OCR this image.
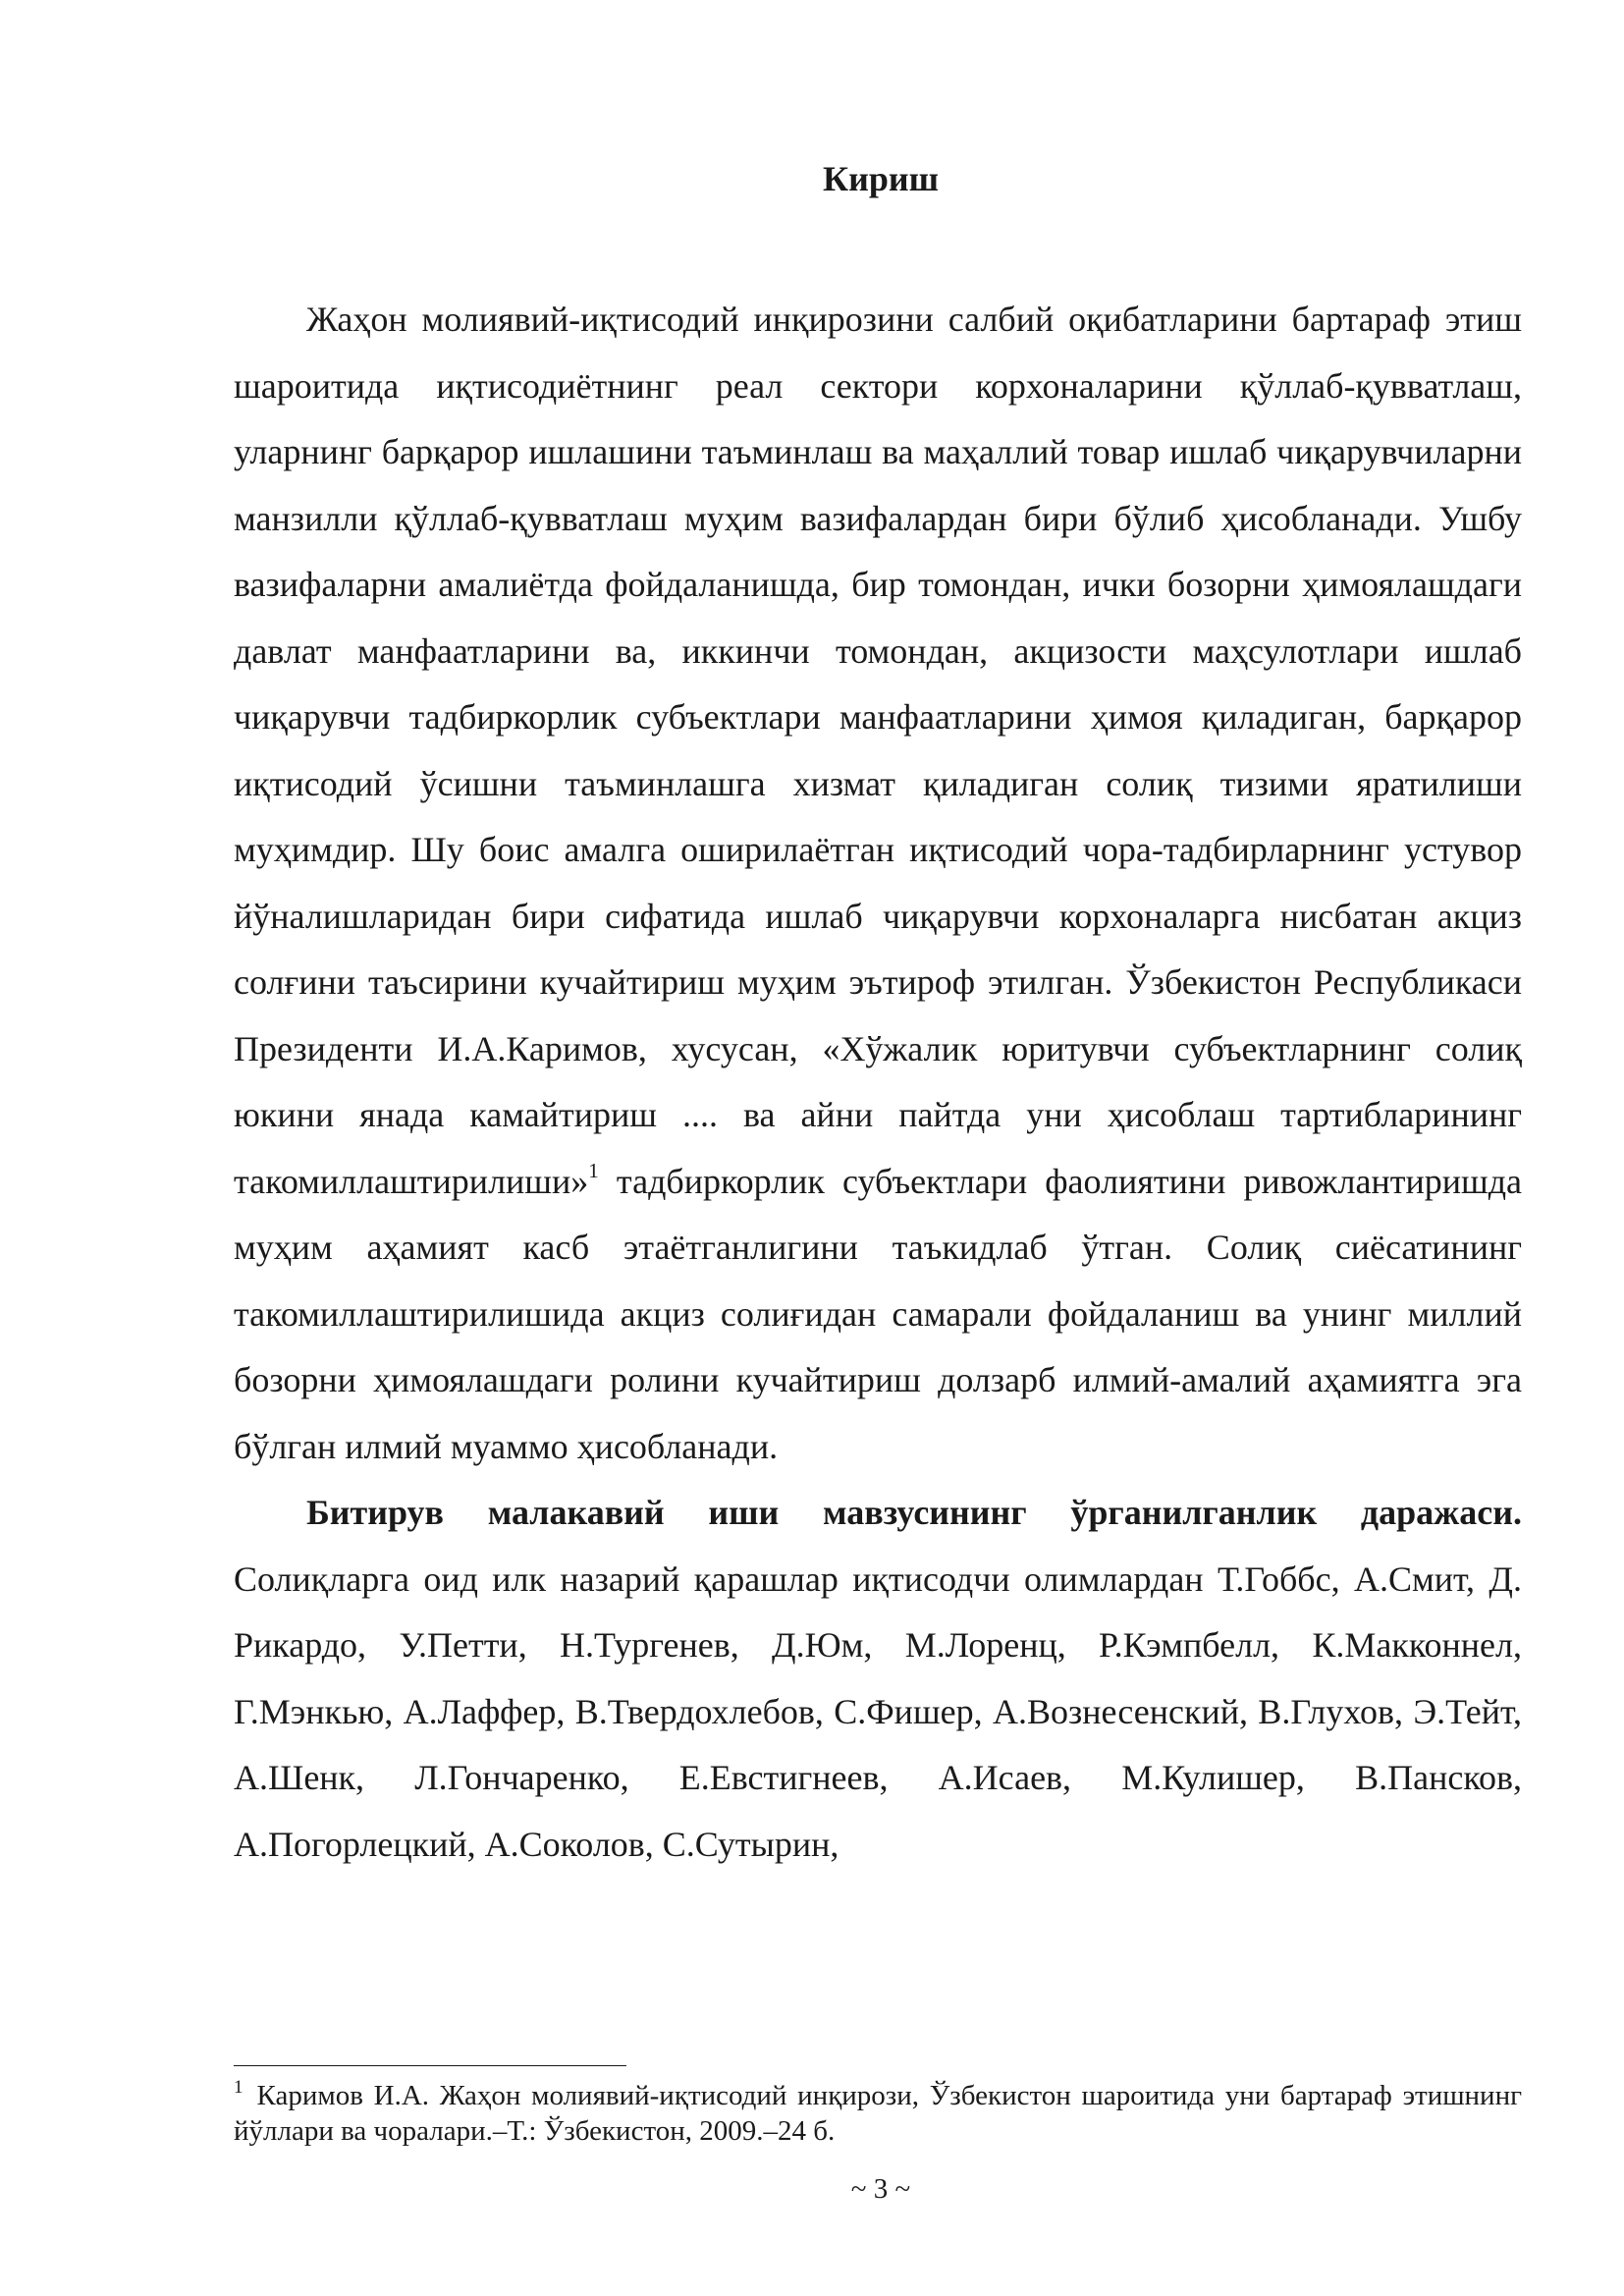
Кириш

Жаҳон молиявий-иқтисодий инқирозини салбий оқибатларини бартараф этиш шароитида иқтисодиётнинг реал сектори корхоналарини қўллаб-қувватлаш, уларнинг барқарор ишлашини таъминлаш ва маҳаллий товар ишлаб чиқарувчиларни манзилли қўллаб-қувватлаш муҳим вазифалардан бири бўлиб ҳисобланади. Ушбу вазифаларни амалиётда фойдаланишда, бир томондан, ички бозорни ҳимоялашдаги давлат манфаатларини ва, иккинчи томондан, акцизости маҳсулотлари ишлаб чиқарувчи тадбиркорлик субъектлари манфаатларини ҳимоя қиладиган, барқарор иқтисодий ўсишни таъминлашга хизмат қиладиган солиқ тизими яратилиши муҳимдир. Шу боис амалга оширилаётган иқтисодий чора-тадбирларнинг устувор йўналишларидан бири сифатида ишлаб чиқарувчи корхоналарга нисбатан акциз солғини таъсирини кучайтириш муҳим эътироф этилган. Ўзбекистон Республикаси Президенти И.А.Каримов, хусусан, «Хўжалик юритувчи субъектларнинг солиқ юкини янада камайтириш .... ва айни пайтда уни ҳисоблаш тартибларининг такомиллаштирилиши»$^1$ тадбиркорлик субъектлари фаолиятини ривожлантиришда муҳим аҳамият касб этаётганлигини таъкидлаб ўтган. Солиқ сиёсатининг такомиллаштирилишида акциз солиғидан самарали фойдаланиш ва унинг миллий бозорни ҳимоялашдаги ролини кучайтириш долзарб илмий-амалий аҳамиятга эга бўлган илмий муаммо ҳисобланади.

Битирув малакавий иши мавзусининг ўрганилганлик даражаси. Солиқларга оид илк назарий қарашлар иқтисодчи олимлардан Т.Гоббс, А.Смит, Д. Рикардо, У.Петти, Н.Тургенев, Д.Юм, М.Лоренц, Р.Кэмпбелл, К.Макконнел, Г.Мэнкью, А.Лаффер, В.Твердохлебов, С.Фишер, А.Вознесенский, В.Глухов, Э.Тейт, А.Шенк, Л.Гончаренко, Е.Евстигнеев, А.Исаев, М.Кулишер, В.Пансков, А.Погорлецкий, А.Соколов, С.Сутырин,

$^1$ Каримов И.А. Жаҳон молиявий-иқтисодий инқирози, Ўзбекистон шароитида уни бартараф этишнинг йўллари ва чоралари.–Т.: Ўзбекистон, 2009.–24 б.

~ 3 ~
